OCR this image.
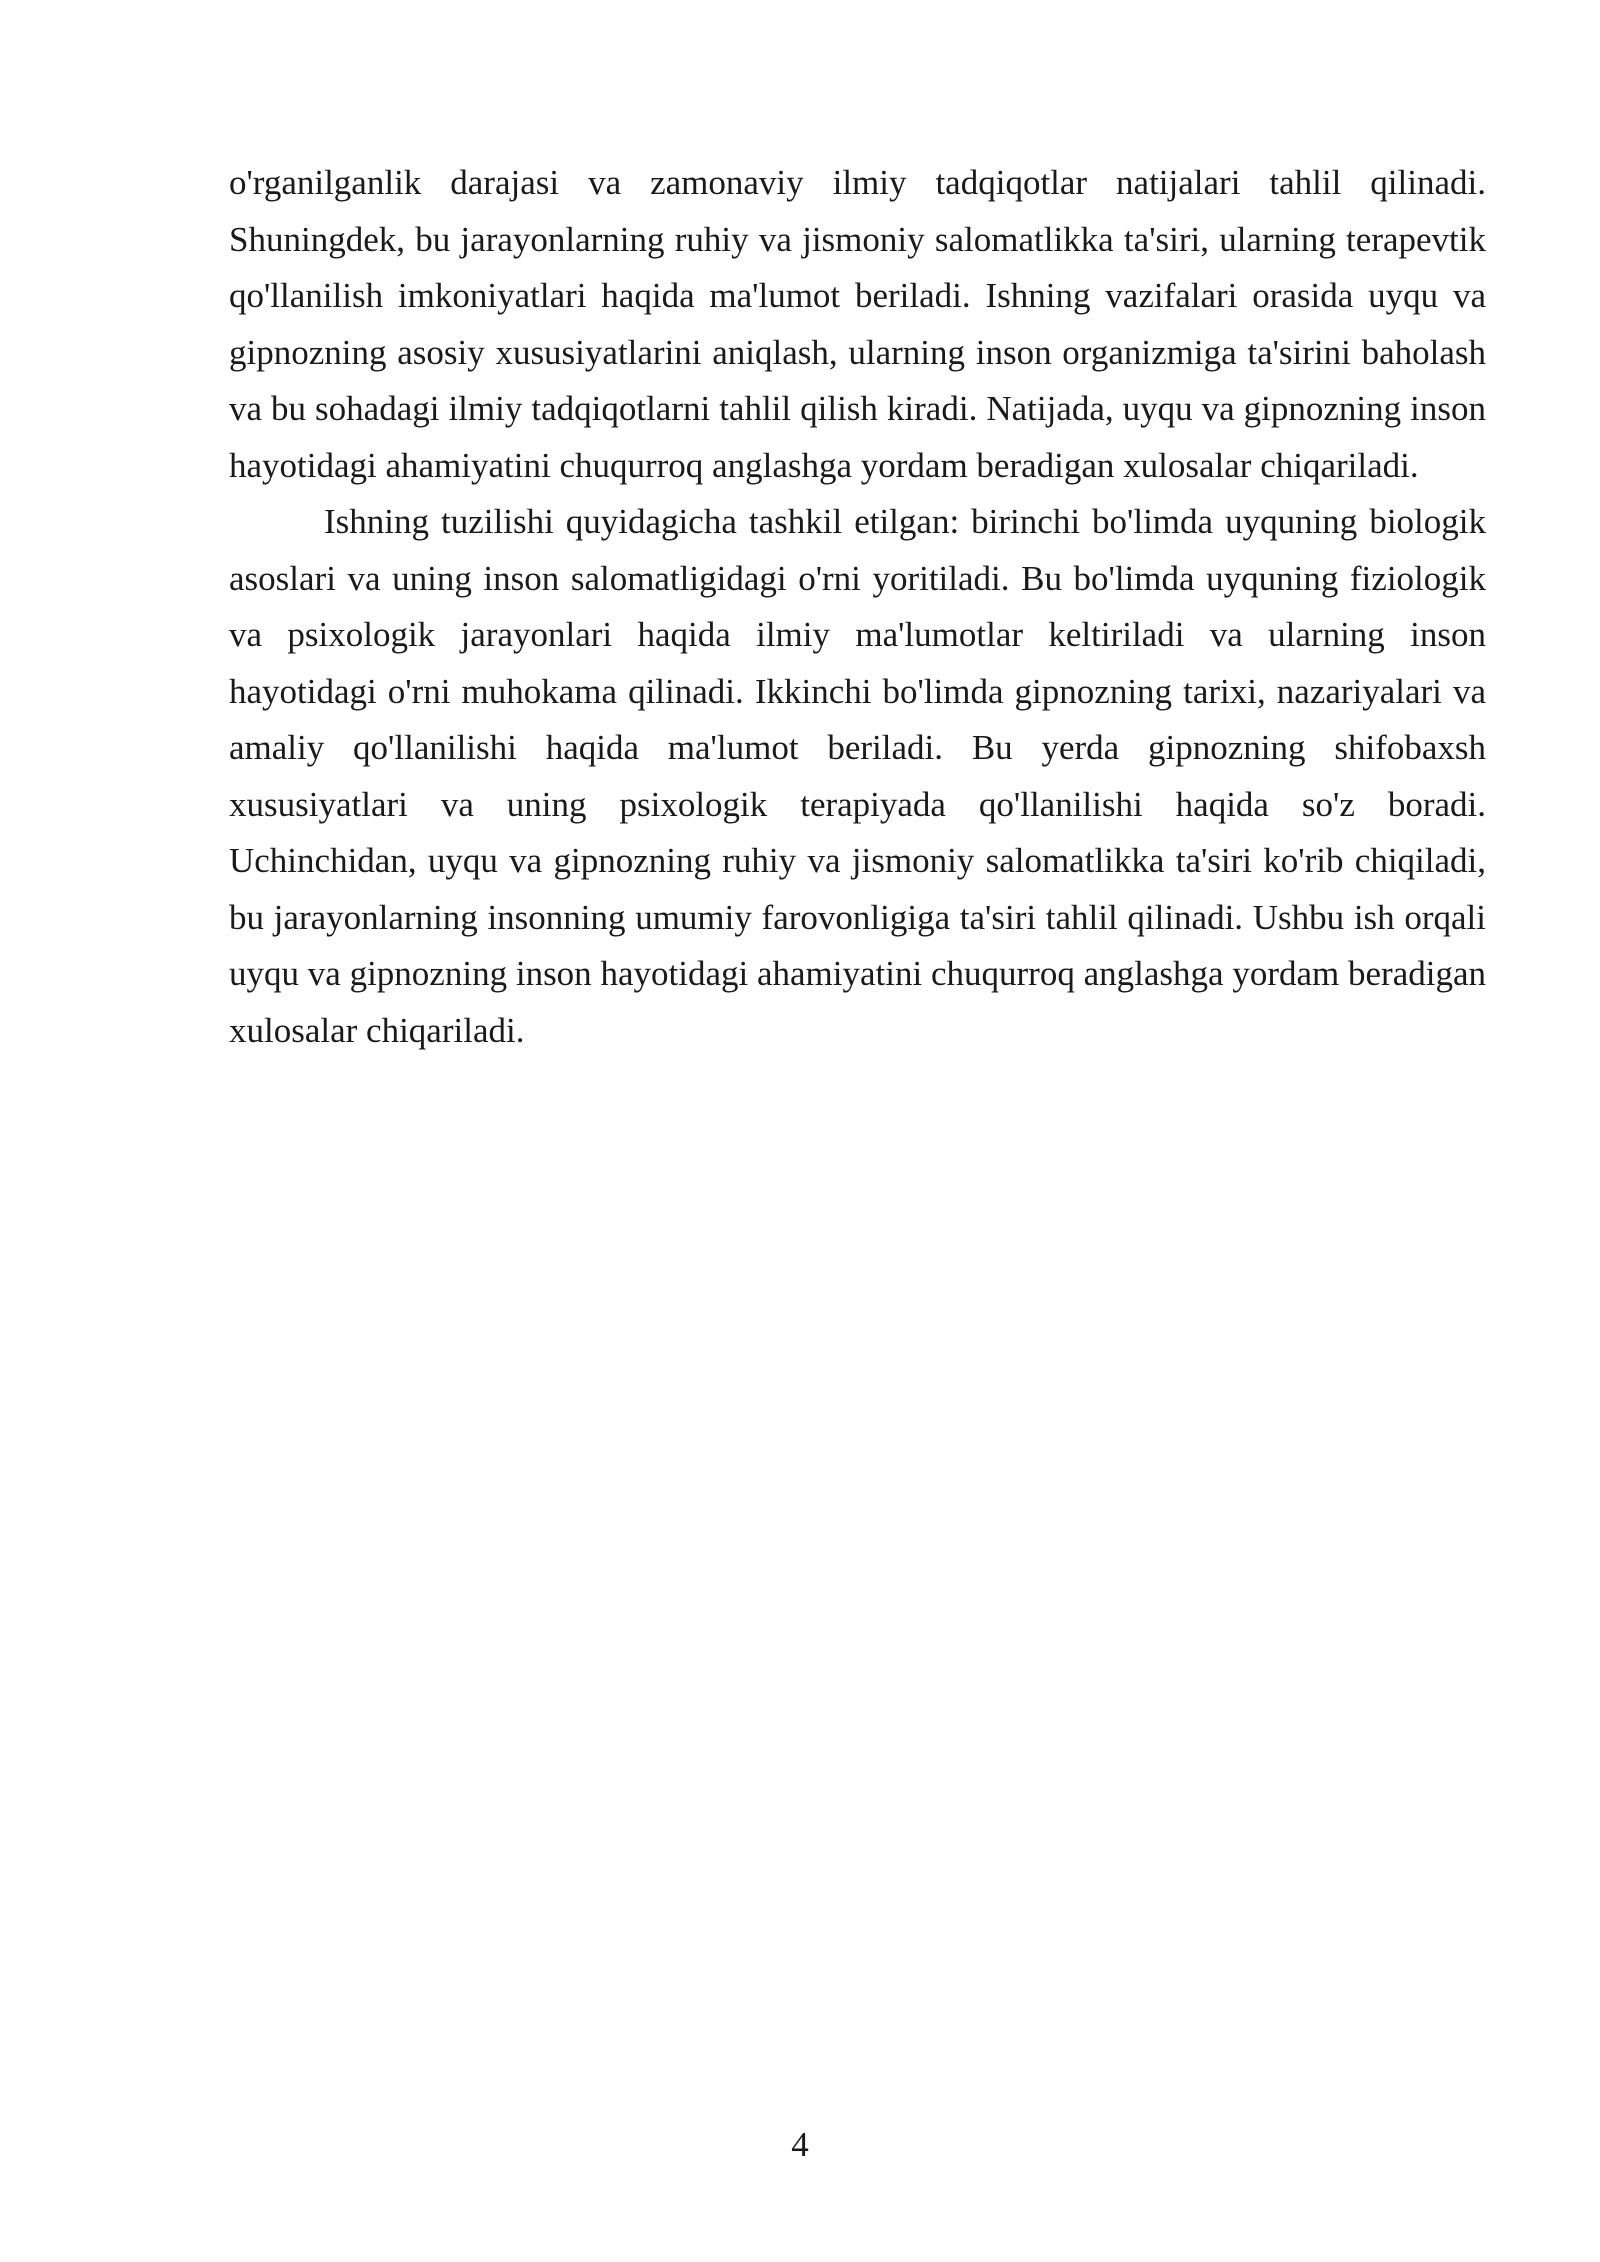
o'rganilganlik darajasi va zamonaviy ilmiy tadqiqotlar natijalari tahlil qilinadi. Shuningdek, bu jarayonlarning ruhiy va jismoniy salomatlikka ta'siri, ularning terapevtik qo'llanilish imkoniyatlari haqida ma'lumot beriladi. Ishning vazifalari orasida uyqu va gipnozning asosiy xususiyatlarini aniqlash, ularning inson organizmiga ta'sirini baholash va bu sohadagi ilmiy tadqiqotlarni tahlil qilish kiradi. Natijada, uyqu va gipnozning inson hayotidagi ahamiyatini chuqurroq anglashga yordam beradigan xulosalar chiqariladi.

Ishning tuzilishi quyidagicha tashkil etilgan: birinchi bo'limda uyquning biologik asoslari va uning inson salomatligidagi o'rni yoritiladi. Bu bo'limda uyquning fiziologik va psixologik jarayonlari haqida ilmiy ma'lumotlar keltiriladi va ularning inson hayotidagi o'rni muhokama qilinadi. Ikkinchi bo'limda gipnozning tarixi, nazariyalari va amaliy qo'llanilishi haqida ma'lumot beriladi. Bu yerda gipnozning shifobaxsh xususiyatlari va uning psixologik terapiyada qo'llanilishi haqida so'z boradi. Uchinchidan, uyqu va gipnozning ruhiy va jismoniy salomatlikka ta'siri ko'rib chiqiladi, bu jarayonlarning insonning umumiy farovonligiga ta'siri tahlil qilinadi. Ushbu ish orqali uyqu va gipnozning inson hayotidagi ahamiyatini chuqurroq anglashga yordam beradigan xulosalar chiqariladi.

4
